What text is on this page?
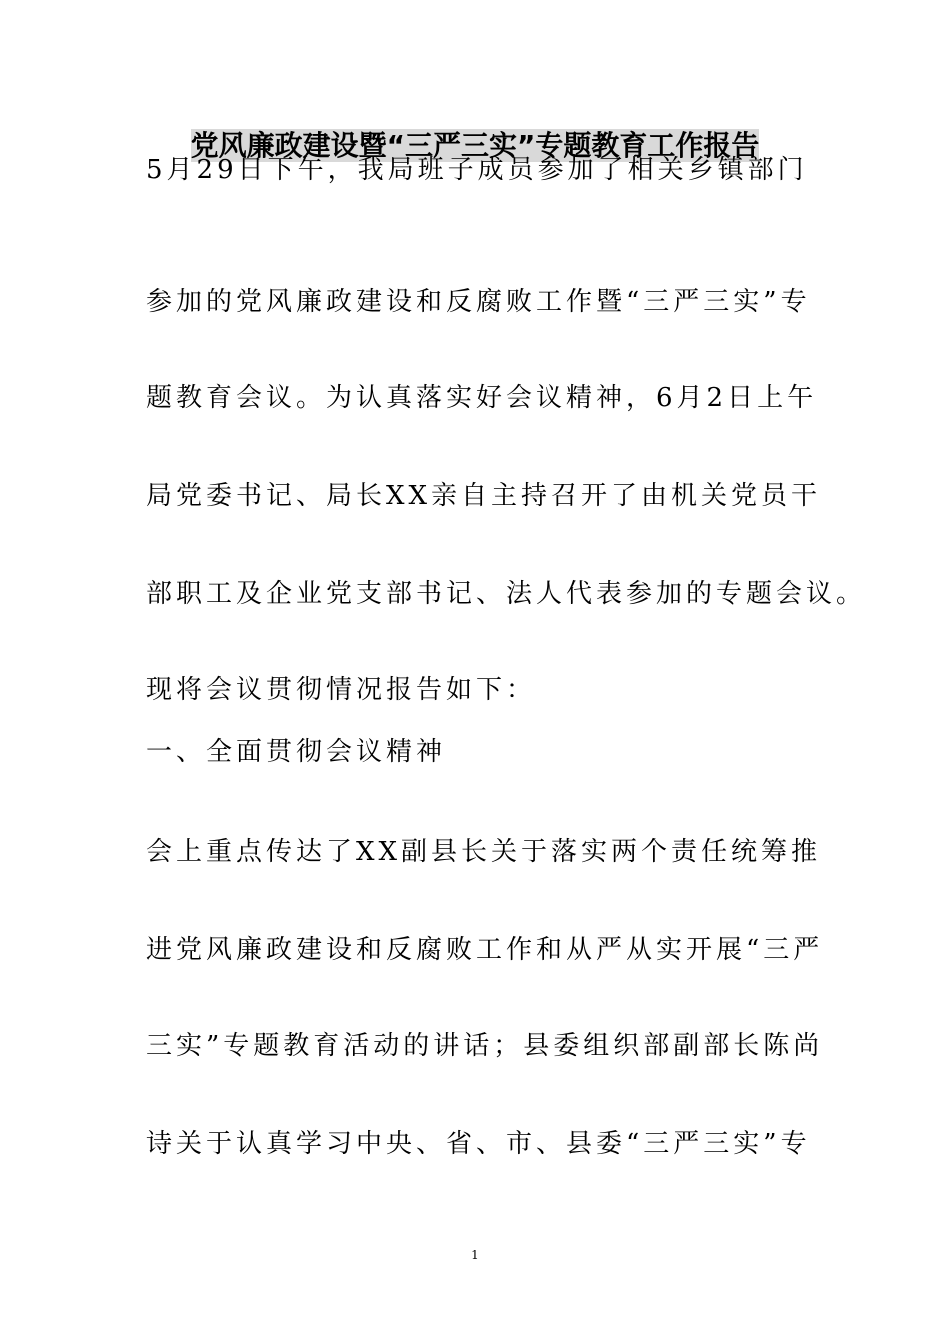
党风廉政建设暨“三严三实”专题教育工作报告

5月29日下午，我局班子成员参加了相关乡镇部门

参加的党风廉政建设和反腐败工作暨“三严三实”专

题教育会议。为认真落实好会议精神，6月2日上午

局党委书记、局长XX亲自主持召开了由机关党员干

部职工及企业党支部书记、法人代表参加的专题会议。

现将会议贯彻情况报告如下：

一、全面贯彻会议精神

会上重点传达了XX副县长关于落实两个责任统筹推

进党风廉政建设和反腐败工作和从严从实开展“三严

三实”专题教育活动的讲话；县委组织部副部长陈尚

诗关于认真学习中央、省、市、县委“三严三实”专

1
